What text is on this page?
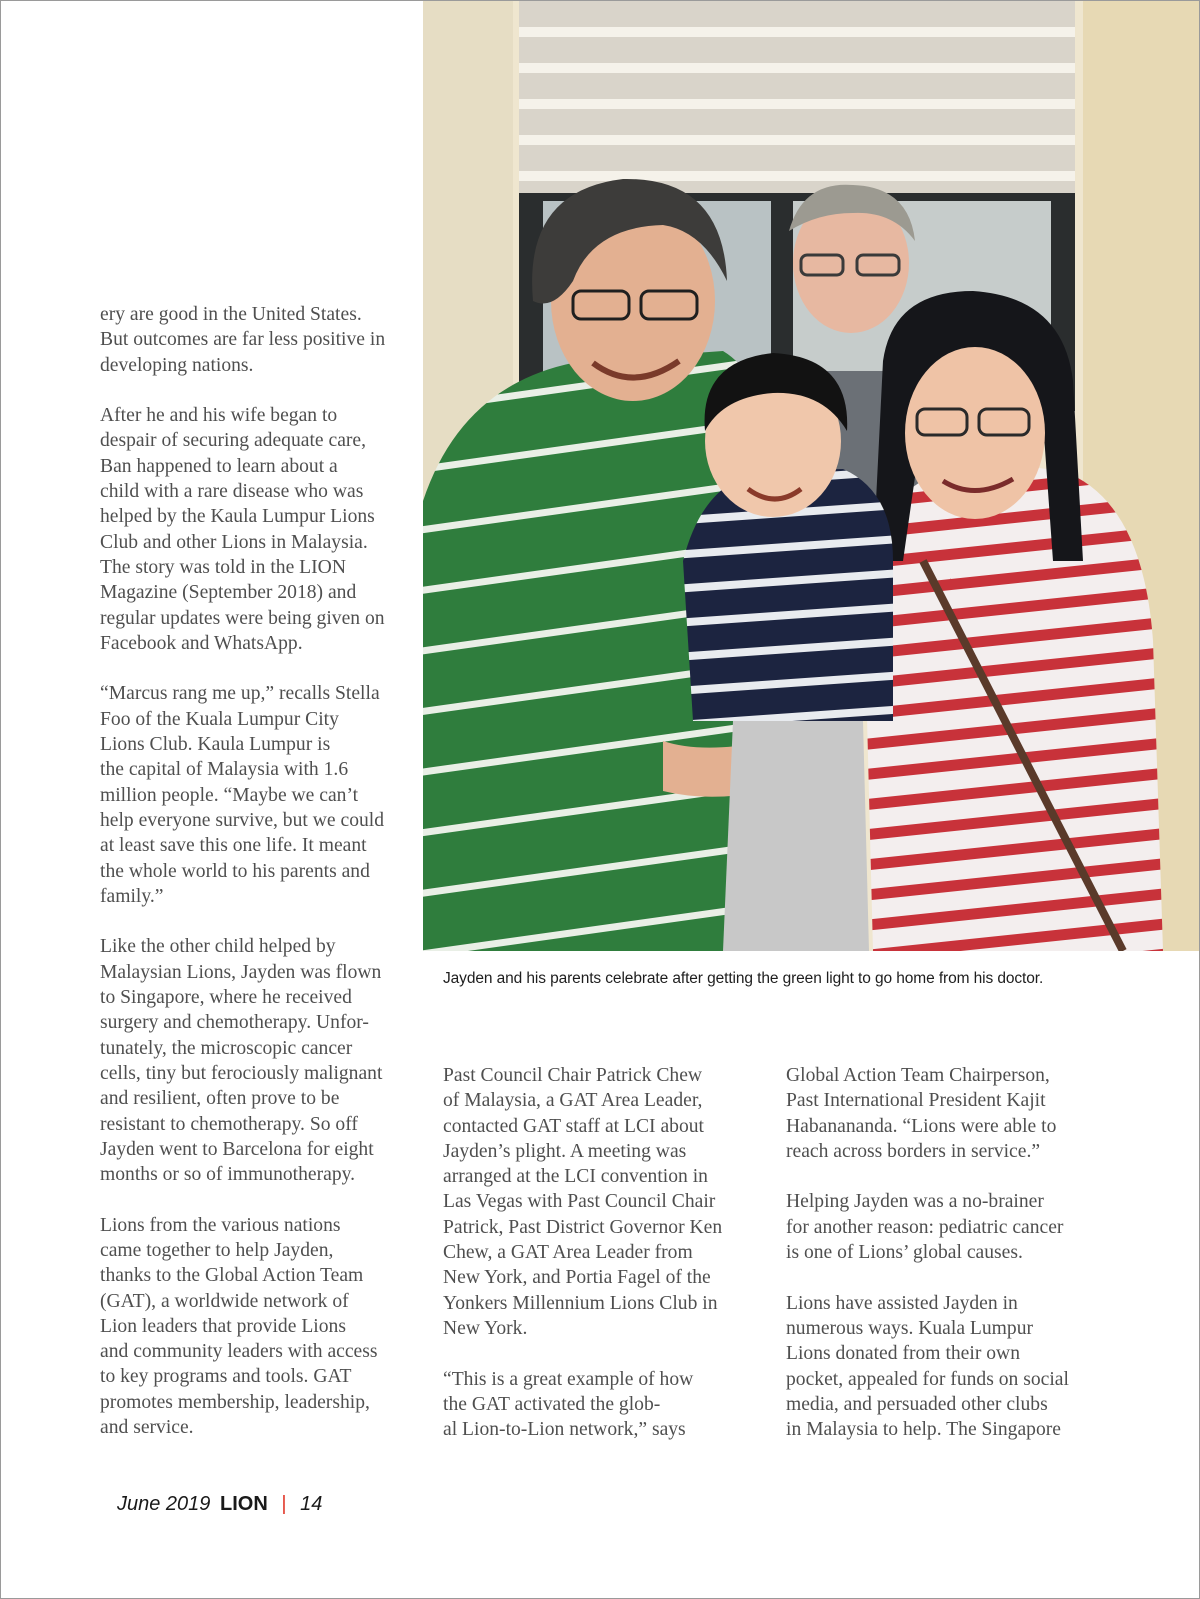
ery are good in the United States.
But outcomes are far less positive in
developing nations.

After he and his wife began to
despair of securing adequate care,
Ban happened to learn about a
child with a rare disease who was
helped by the Kaula Lumpur Lions
Club and other Lions in Malaysia.
The story was told in the LION
Magazine (September 2018) and
regular updates were being given on
Facebook and WhatsApp.

“Marcus rang me up,” recalls Stella
Foo of the Kuala Lumpur City
Lions Club. Kaula Lumpur is
the capital of Malaysia with 1.6
million people. “Maybe we can’t
help everyone survive, but we could
at least save this one life. It meant
the whole world to his parents and
family.”

Like the other child helped by
Malaysian Lions, Jayden was flown
to Singapore, where he received
surgery and chemotherapy. Unfor-
tunately, the microscopic cancer
cells, tiny but ferociously malignant
and resilient, often prove to be
resistant to chemotherapy. So off
Jayden went to Barcelona for eight
months or so of immunotherapy.

Lions from the various nations
came together to help Jayden,
thanks to the Global Action Team
(GAT), a worldwide network of
Lion leaders that provide Lions
and community leaders with access
to key programs and tools. GAT
promotes membership, leadership,
and service.

Jayden and his parents celebrate after getting the green light to go home from his doctor.

Past Council Chair Patrick Chew
of Malaysia, a GAT Area Leader,
contacted GAT staff at LCI about
Jayden’s plight. A meeting was
arranged at the LCI convention in
Las Vegas with Past Council Chair
Patrick, Past District Governor Ken
Chew, a GAT Area Leader from
New York, and Portia Fagel of the
Yonkers Millennium Lions Club in
New York.

“This is a great example of how
the GAT activated the glob-
al Lion-to-Lion network,” says

Global Action Team Chairperson,
Past International President Kajit
Habanananda. “Lions were able to
reach across borders in service.”

Helping Jayden was a no-brainer
for another reason: pediatric cancer
is one of Lions’ global causes.

Lions have assisted Jayden in
numerous ways. Kuala Lumpur
Lions donated from their own
pocket, appealed for funds on social
media, and persuaded other clubs
in Malaysia to help. The Singapore

June 2019 LION | 14
